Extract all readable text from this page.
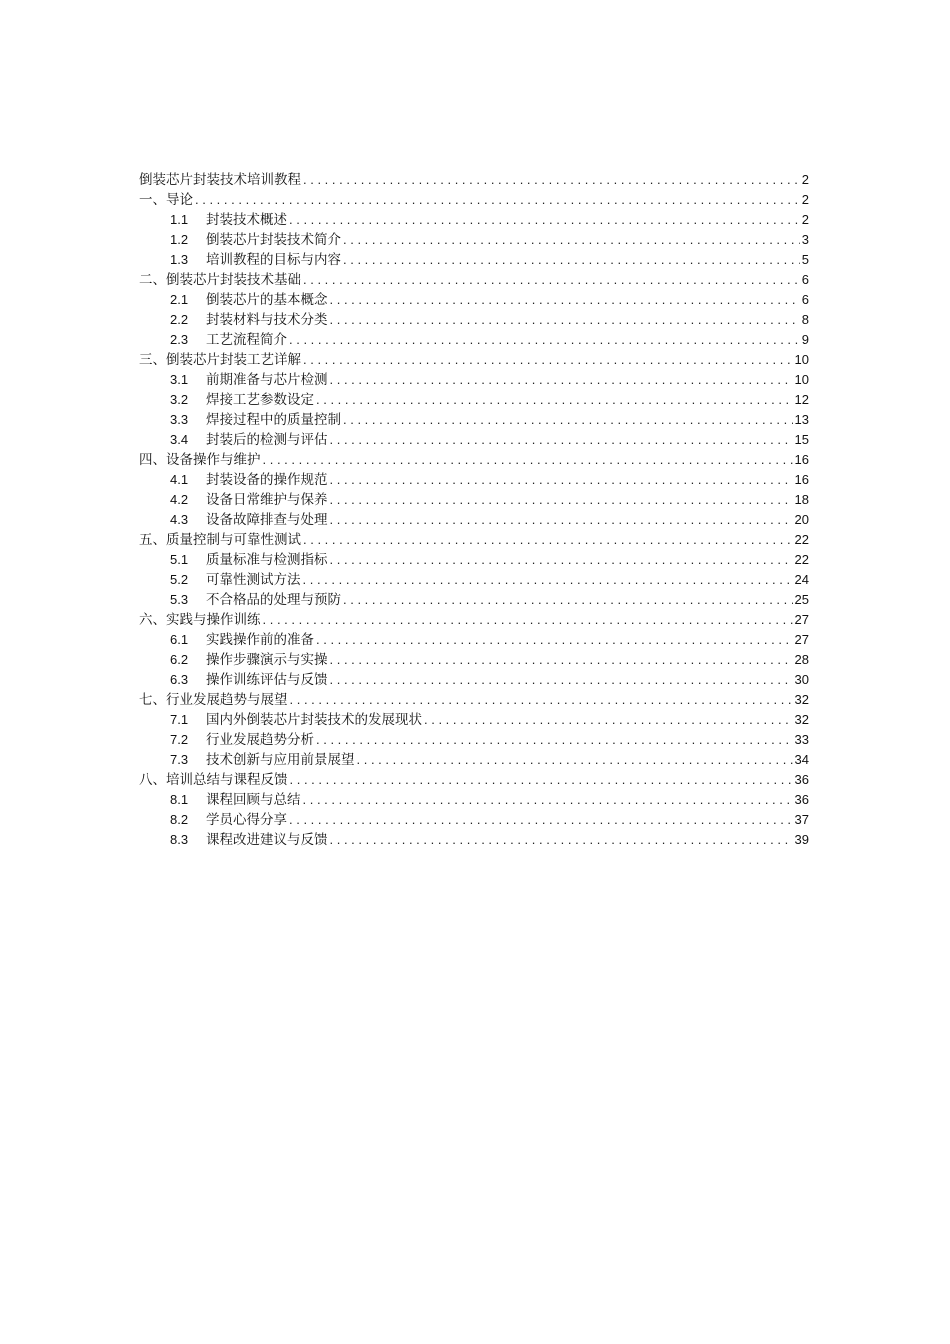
倒装芯片封装技术培训教程 . . .	2
一、导论 . . .	2
1.1	封装技术概述 . . .	2
1.2	倒装芯片封装技术简介 . . .	3
1.3	培训教程的目标与内容 . . .	5
二、倒装芯片封装技术基础 . . .	6
2.1	倒装芯片的基本概念 . . .	6
2.2	封装材料与技术分类 . . .	8
2.3	工艺流程简介 . . .	9
三、倒装芯片封装工艺详解 . . .	10
3.1	前期准备与芯片检测 . . .	10
3.2	焊接工艺参数设定 . . .	12
3.3	焊接过程中的质量控制 . . .	13
3.4	封装后的检测与评估 . . .	15
四、设备操作与维护 . . .	16
4.1	封装设备的操作规范 . . .	16
4.2	设备日常维护与保养 . . .	18
4.3	设备故障排查与处理 . . .	20
五、质量控制与可靠性测试 . . .	22
5.1	质量标准与检测指标 . . .	22
5.2	可靠性测试方法 . . .	24
5.3	不合格品的处理与预防 . . .	25
六、实践与操作训练 . . .	27
6.1	实践操作前的准备 . . .	27
6.2	操作步骤演示与实操 . . .	28
6.3	操作训练评估与反馈 . . .	30
七、行业发展趋势与展望 . . .	32
7.1	国内外倒装芯片封装技术的发展现状 . . .	32
7.2	行业发展趋势分析 . . .	33
7.3	技术创新与应用前景展望 . . .	34
八、培训总结与课程反馈 . . .	36
8.1	课程回顾与总结 . . .	36
8.2	学员心得分享 . . .	37
8.3	课程改进建议与反馈 . . .	39
